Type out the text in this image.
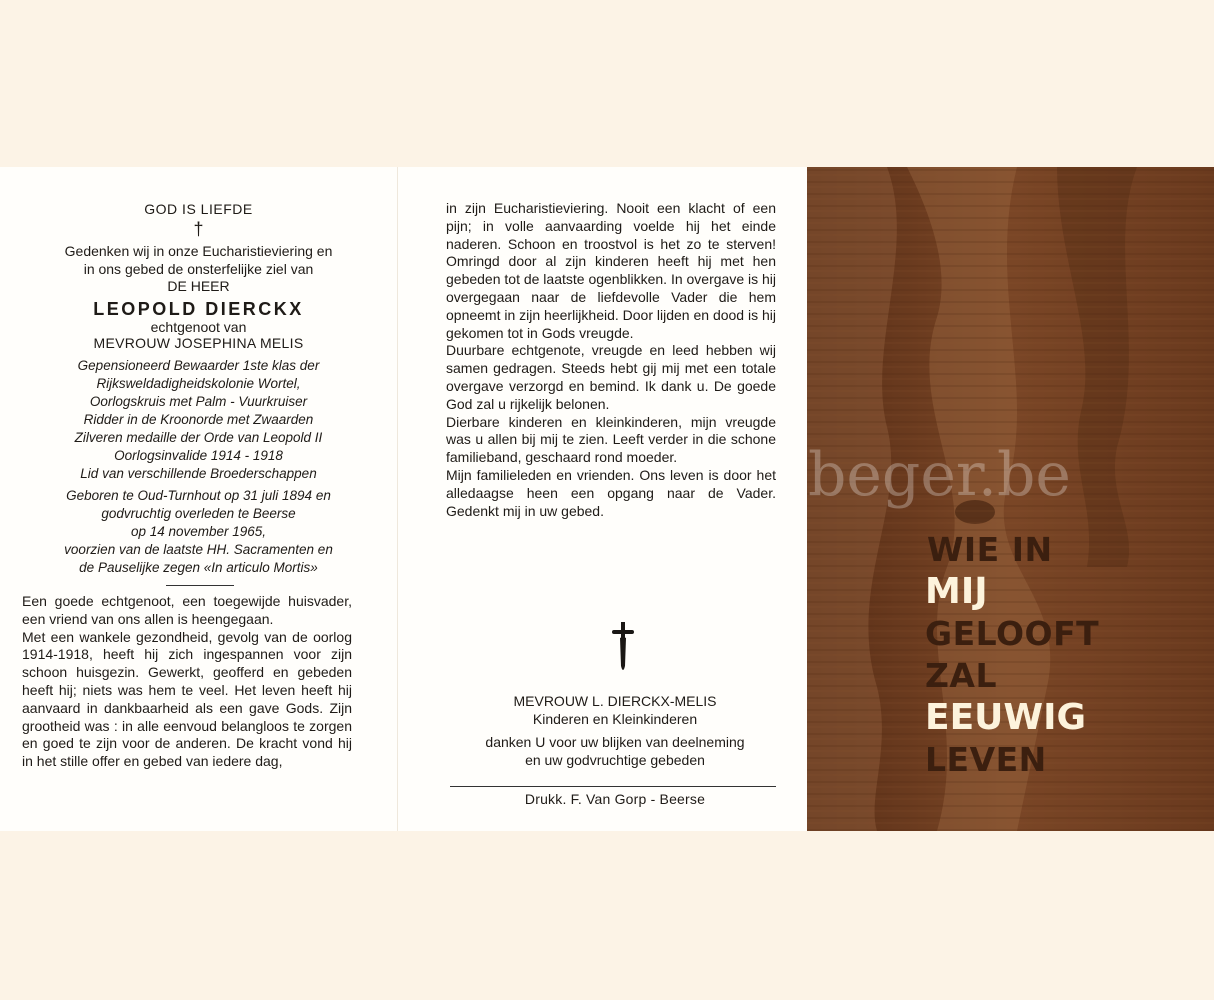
GOD IS LIEFDE
†
Gedenken wij in onze Eucharistieviering en
in ons gebed de onsterfelijke ziel van
DE HEER
LEOPOLD DIERCKX
echtgenoot van
MEVROUW JOSEPHINA MELIS
Gepensioneerd Bewaarder 1ste klas der
Rijksweldadigheidskolonie Wortel,
Oorlogskruis met Palm - Vuurkruiser
Ridder in de Kroonorde met Zwaarden
Zilveren medaille der Orde van Leopold II
Oorlogsinvalide 1914 - 1918
Lid van verschillende Broederschappen
Geboren te Oud-Turnhout op 31 juli 1894 en
godvruchtig overleden te Beerse
op 14 november 1965,
voorzien van de laatste HH. Sacramenten en
de Pauselijke zegen «In articulo Mortis»

Een goede echtgenoot, een toegewijde huisvader, een vriend van ons allen is heengegaan.

Met een wankele gezondheid, gevolg van de oorlog 1914-1918, heeft hij zich ingespannen voor zijn schoon huisgezin. Gewerkt, geofferd en gebeden heeft hij; niets was hem te veel. Het leven heeft hij aanvaard in dankbaarheid als een gave Gods. Zijn grootheid was : in alle eenvoud belangloos te zorgen en goed te zijn voor de anderen. De kracht vond hij in het stille offer en gebed van iedere dag,

in zijn Eucharistieviering. Nooit een klacht of een pijn; in volle aanvaarding voelde hij het einde naderen. Schoon en troostvol is het zo te sterven! Omringd door al zijn kinderen heeft hij met hen gebeden tot de laatste ogenblikken. In overgave is hij overgegaan naar de liefdevolle Vader die hem opneemt in zijn heerlijkheid. Door lijden en dood is hij gekomen tot in Gods vreugde.

Duurbare echtgenote, vreugde en leed hebben wij samen gedragen. Steeds hebt gij mij met een totale overgave verzorgd en bemind. Ik dank u. De goede God zal u rijkelijk belonen.

Dierbare kinderen en kleinkinderen, mijn vreugde was u allen bij mij te zien. Leeft verder in die schone familieband, geschaard rond moeder.

Mijn familieleden en vrienden. Ons leven is door het alledaagse heen een opgang naar de Vader. Gedenkt mij in uw gebed.

MEVROUW L. DIERCKX-MELIS
Kinderen en Kleinkinderen
danken U voor uw blijken van deelneming
en uw godvruchtige gebeden
Drukk. F. Van Gorp - Beerse
WIE IN
MIJ
GELOOFT
ZAL
EEUWIG
LEVEN
beger.be
